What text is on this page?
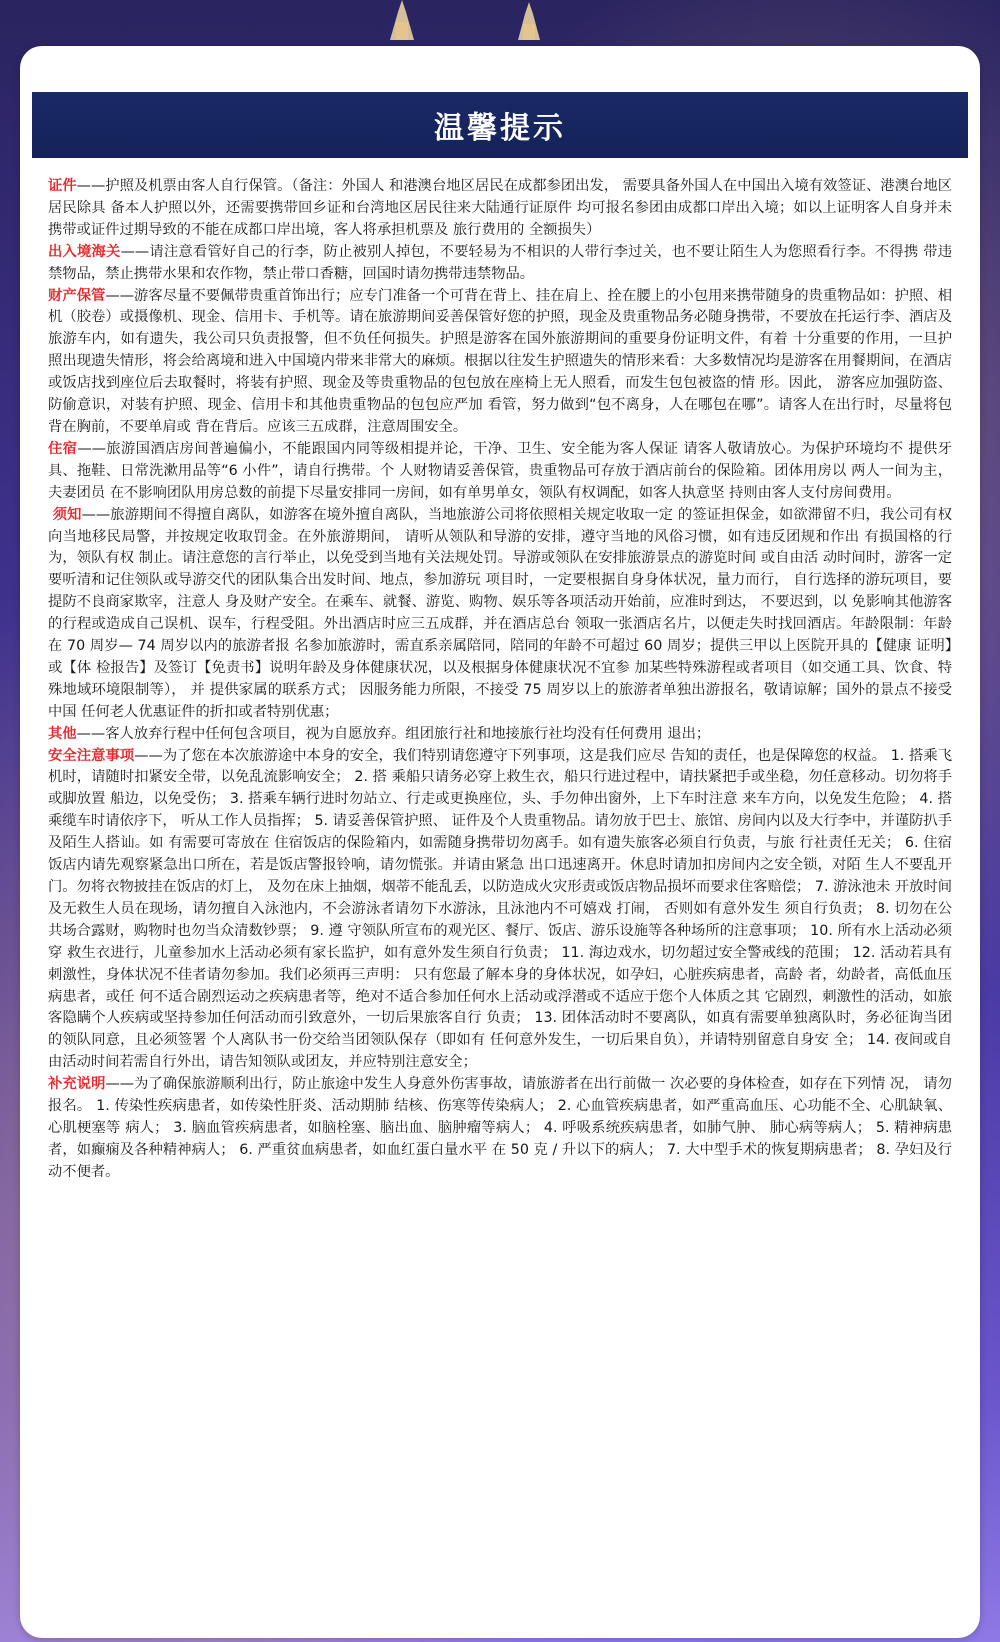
温馨提示

证件——护照及机票由客人自行保管。（备注：外国人 和港澳台地区居民在成都参团出发， 需要具备外国人在中国出入境有效签证、港澳台地区居民除具 备本人护照以外，还需要携带回乡证和台湾地区居民往来大陆通行证原件 均可报名参团由成都口岸出入境；如以上证明客人自身并未携带或证件过期导致的不能在成都口岸出境，客人将承担机票及 旅行费用的 全额损失）

出入境海关——请注意看管好自己的行李，防止被别人掉包，不要轻易为不相识的人带行李过关，也不要让陌生人为您照看行李。不得携 带违禁物品，禁止携带水果和农作物，禁止带口香糖，回国时请勿携带违禁物品。

财产保管——游客尽量不要佩带贵重首饰出行；应专门准备一个可背在背上、挂在肩上、拴在腰上的小包用来携带随身的贵重物品如：护照、相机（胶卷）或摄像机、现金、信用卡、手机等。请在旅游期间妥善保管好您的护照，现金及贵重物品务必随身携带，不要放在托运行李、酒店及旅游车内，如有遗失，我公司只负责报警，但不负任何损失。护照是游客在国外旅游期间的重要身份证明文件，有着 十分重要的作用，一旦护照出现遗失情形，将会给离境和进入中国境内带来非常大的麻烦。根据以往发生护照遗失的情形来看：大多数情况均是游客在用餐期间，在酒店或饭店找到座位后去取餐时，将装有护照、现金及等贵重物品的包包放在座椅上无人照看，而发生包包被盗的情 形。因此， 游客应加强防盗、防偷意识，对装有护照、现金、信用卡和其他贵重物品的包包应严加 看管，努力做到“包不离身，人在哪包在哪”。请客人在出行时，尽量将包背在胸前，不要单肩或 背在背后。应该三五成群，注意周围安全。

住宿——旅游国酒店房间普遍偏小，不能跟国内同等级相提并论，干净、卫生、安全能为客人保证 请客人敬请放心。为保护环境均不 提供牙具、拖鞋、日常洗漱用品等“6 小件”，请自行携带。个 人财物请妥善保管，贵重物品可存放于酒店前台的保险箱。团体用房以 两人一间为主， 夫妻团员 在不影响团队用房总数的前提下尽量安排同一房间，如有单男单女，领队有权调配，如客人执意坚 持则由客人支付房间费用。

须知——旅游期间不得擅自离队，如游客在境外擅自离队，当地旅游公司将依照相关规定收取一定 的签证担保金，如欲滞留不归，我公司有权向当地移民局警，并按规定收取罚金。在外旅游期间， 请听从领队和导游的安排，遵守当地的风俗习惯，如有违反团规和作出 有损国格的行为，领队有权 制止。请注意您的言行举止，以免受到当地有关法规处罚。导游或领队在安排旅游景点的游览时间 或自由活 动时间时，游客一定要听清和记住领队或导游交代的团队集合出发时间、地点，参加游玩 项目时，一定要根据自身身体状况，量力而行， 自行选择的游玩项目，要提防不良商家欺宰，注意人 身及财产安全。在乘车、就餐、游览、购物、娱乐等各项活动开始前，应准时到达， 不要迟到，以 免影响其他游客的行程或造成自己误机、误车，行程受阻。外出酒店时应三五成群，并在酒店总台 领取一张酒店名片，以便走失时找回酒店。年龄限制：年龄在 70 周岁— 74 周岁以内的旅游者报 名参加旅游时，需直系亲属陪同，陪同的年龄不可超过 60 周岁；提供三甲以上医院开具的【健康 证明】或【体 检报告】及签订【免责书】说明年龄及身体健康状况，以及根据身体健康状况不宜参 加某些特殊游程或者项目（如交通工具、饮食、特殊地域环境限制等）， 并 提供家属的联系方式； 因服务能力所限，不接受 75 周岁以上的旅游者单独出游报名，敬请谅解；国外的景点不接受中国 任何老人优惠证件的折扣或者特别优惠；

其他——客人放弃行程中任何包含项目，视为自愿放弃。组团旅行社和地接旅行社均没有任何费用 退出；

安全注意事项——为了您在本次旅游途中本身的安全，我们特别请您遵守下列事项，这是我们应尽 告知的责任，也是保障您的权益。 1. 搭乘飞机时，请随时扣紧安全带，以免乱流影响安全； 2. 搭 乘船只请务必穿上救生衣，船只行进过程中，请扶紧把手或坐稳，勿任意移动。切勿将手或脚放置 船边，以免受伤； 3. 搭乘车辆行进时勿站立、行走或更换座位，头、手勿伸出窗外，上下车时注意 来车方向，以免发生危险； 4. 搭乘缆车时请依序下， 听从工作人员指挥； 5. 请妥善保管护照、 证件及个人贵重物品。请勿放于巴士、旅馆、房间内以及大行李中，并谨防扒手及陌生人搭讪。如 有需要可寄放在 住宿饭店的保险箱内，如需随身携带切勿离手。如有遗失旅客必须自行负责，与旅 行社责任无关； 6. 住宿饭店内请先观察紧急出口所在，若是饭店警报铃响，请勿慌张。并请由紧急 出口迅速离开。休息时请加扣房间内之安全锁，对陌 生人不要乱开门。勿将衣物披挂在饭店的灯上， 及勿在床上抽烟，烟蒂不能乱丢，以防造成火灾形责或饭店物品损坏而要求住客赔偿； 7. 游泳池未 开放时间及无救生人员在现场，请勿擅自入泳池内，不会游泳者请勿下水游泳，且泳池内不可嬉戏 打闹， 否则如有意外发生 须自行负责； 8. 切勿在公共场合露财，购物时也勿当众清数钞票； 9. 遵 守领队所宣布的观光区、餐厅、饭店、游乐设施等各种场所的注意事项； 10. 所有水上活动必须穿 救生衣进行，儿童参加水上活动必须有家长监护，如有意外发生须自行负责； 11. 海边戏水，切勿超过安全警戒线的范围； 12. 活动若具有刺激性，身体状况不佳者请勿参加。我们必须再三声明： 只有您最了解本身的身体状况，如孕妇，心脏疾病患者，高龄 者，幼龄者，高低血压病患者，或任 何不适合剧烈运动之疾病患者等，绝对不适合参加任何水上活动或浮潜或不适应于您个人体质之其 它剧烈，刺激性的活动，如旅客隐瞒个人疾病或坚持参加任何活动而引致意外，一切后果旅客自行 负责； 13. 团体活动时不要离队，如真有需要单独离队时，务必征询当团的领队同意，且必须签署 个人离队书一份交给当团领队保存（即如有 任何意外发生，一切后果自负），并请特别留意自身安 全； 14. 夜间或自由活动时间若需自行外出，请告知领队或团友，并应特别注意安全；

补充说明——为了确保旅游顺利出行，防止旅途中发生人身意外伤害事故，请旅游者在出行前做一 次必要的身体检查，如存在下列情 况， 请勿报名。 1. 传染性疾病患者，如传染性肝炎、活动期肺 结核、伤寒等传染病人； 2. 心血管疾病患者，如严重高血压、心功能不全、心肌缺氧、心肌梗塞等 病人； 3. 脑血管疾病患者，如脑栓塞、脑出血、脑肿瘤等病人； 4. 呼吸系统疾病患者，如肺气肿、 肺心病等病人； 5. 精神病患者，如癫痫及各种精神病人； 6. 严重贫血病患者，如血红蛋白量水平 在 50 克 / 升以下的病人； 7. 大中型手术的恢复期病患者； 8. 孕妇及行动不便者。
